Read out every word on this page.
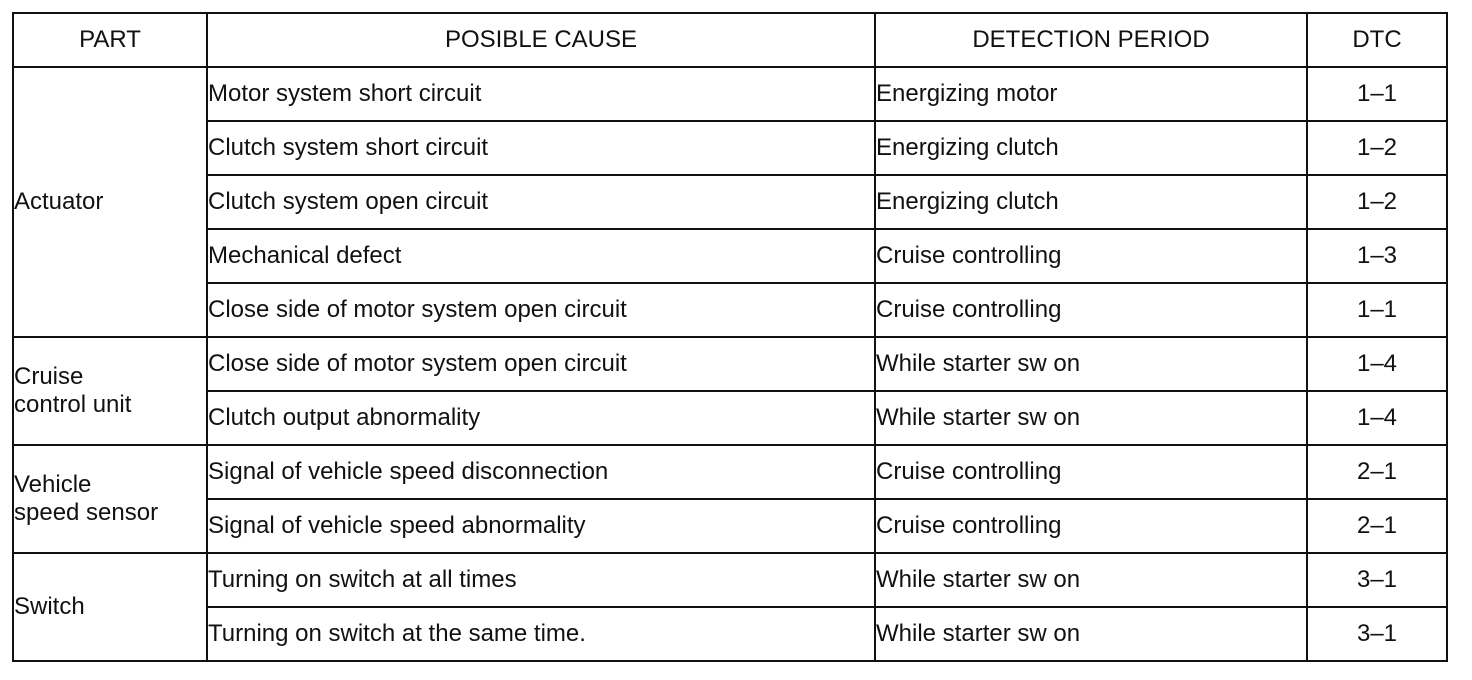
PART	POSIBLE CAUSE	DETECTION PERIOD	DTC

Actuator	Motor system short circuit	Energizing motor	1–1
	Clutch system short circuit	Energizing clutch	1–2
	Clutch system open circuit	Energizing clutch	1–2
	Mechanical defect	Cruise controlling	1–3
	Close side of motor system open circuit	Cruise controlling	1–1

Cruise
control unit	Close side of motor system open circuit	While starter sw on	1–4
	Clutch output abnormality	While starter sw on	1–4

Vehicle
speed sensor	Signal of vehicle speed disconnection	Cruise controlling	2–1
	Signal of vehicle speed abnormality	Cruise controlling	2–1

Switch	Turning on switch at all times	While starter sw on	3–1
	Turning on switch at the same time.	While starter sw on	3–1
